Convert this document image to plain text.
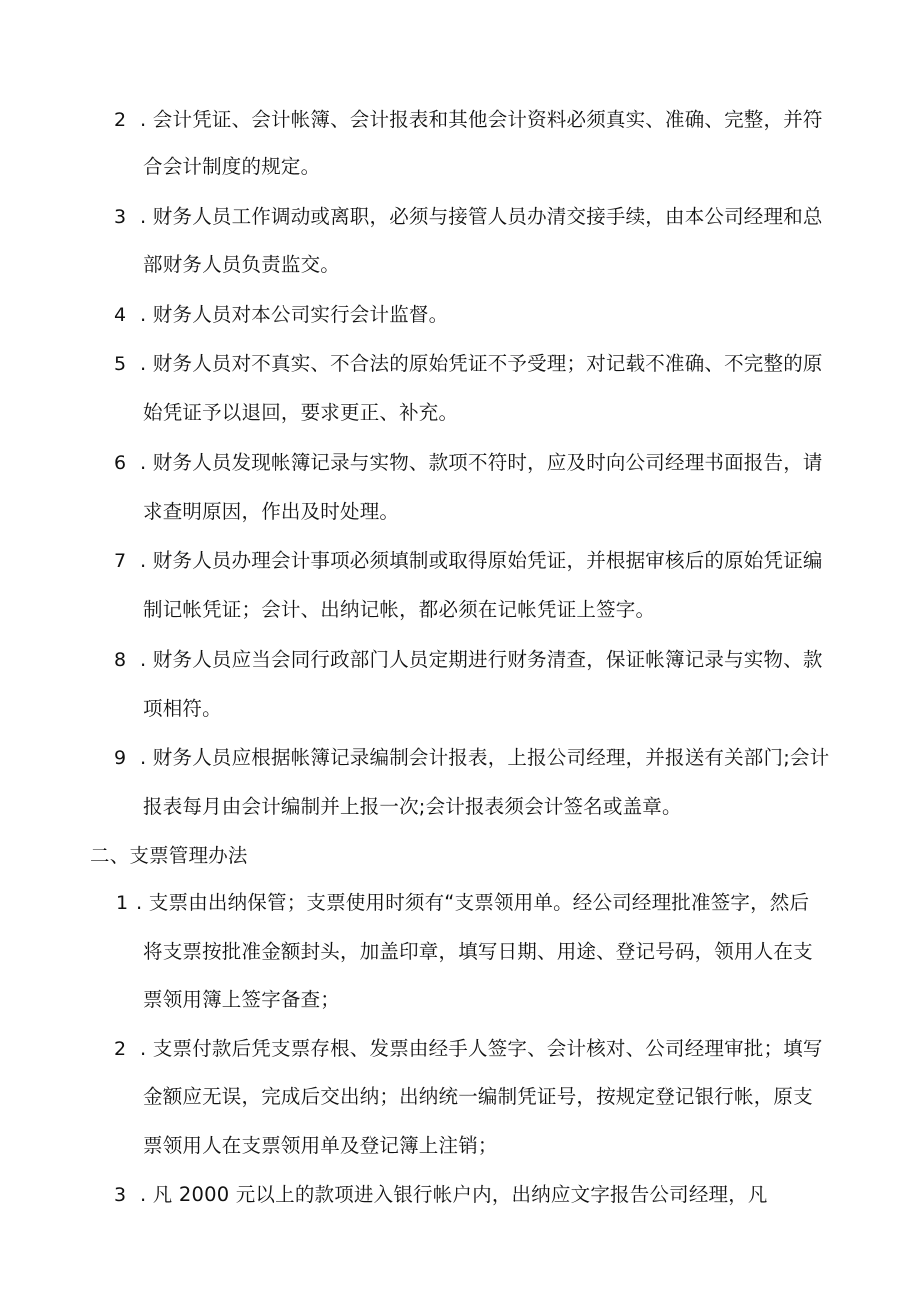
2 . 会计凭证、会计帐簿、会计报表和其他会计资料必须真实、准确、完整，并符
合会计制度的规定。
3 . 财务人员工作调动或离职，必须与接管人员办清交接手续，由本公司经理和总
部财务人员负责监交。
4 . 财务人员对本公司实行会计监督。
5 . 财务人员对不真实、不合法的原始凭证不予受理；对记载不准确、不完整的原
始凭证予以退回，要求更正、补充。
6 . 财务人员发现帐簿记录与实物、款项不符时，应及时向公司经理书面报告，请
求查明原因，作出及时处理。
7 . 财务人员办理会计事项必须填制或取得原始凭证，并根据审核后的原始凭证编
制记帐凭证；会计、出纳记帐，都必须在记帐凭证上签字。
8 . 财务人员应当会同行政部门人员定期进行财务清查，保证帐簿记录与实物、款
项相符。
9 . 财务人员应根据帐簿记录编制会计报表，上报公司经理，并报送有关部门;会计
报表每月由会计编制并上报一次;会计报表须会计签名或盖章。
二、支票管理办法
1 . 支票由出纳保管；支票使用时须有“支票领用单。经公司经理批准签字，然后
将支票按批准金额封头，加盖印章，填写日期、用途、登记号码，领用人在支
票领用簿上签字备查；
2 . 支票付款后凭支票存根、发票由经手人签字、会计核对、公司经理审批；填写
金额应无误，完成后交出纳；出纳统一编制凭证号，按规定登记银行帐，原支
票领用人在支票领用单及登记簿上注销；
3 . 凡 2000 元以上的款项进入银行帐户内，出纳应文字报告公司经理，凡
